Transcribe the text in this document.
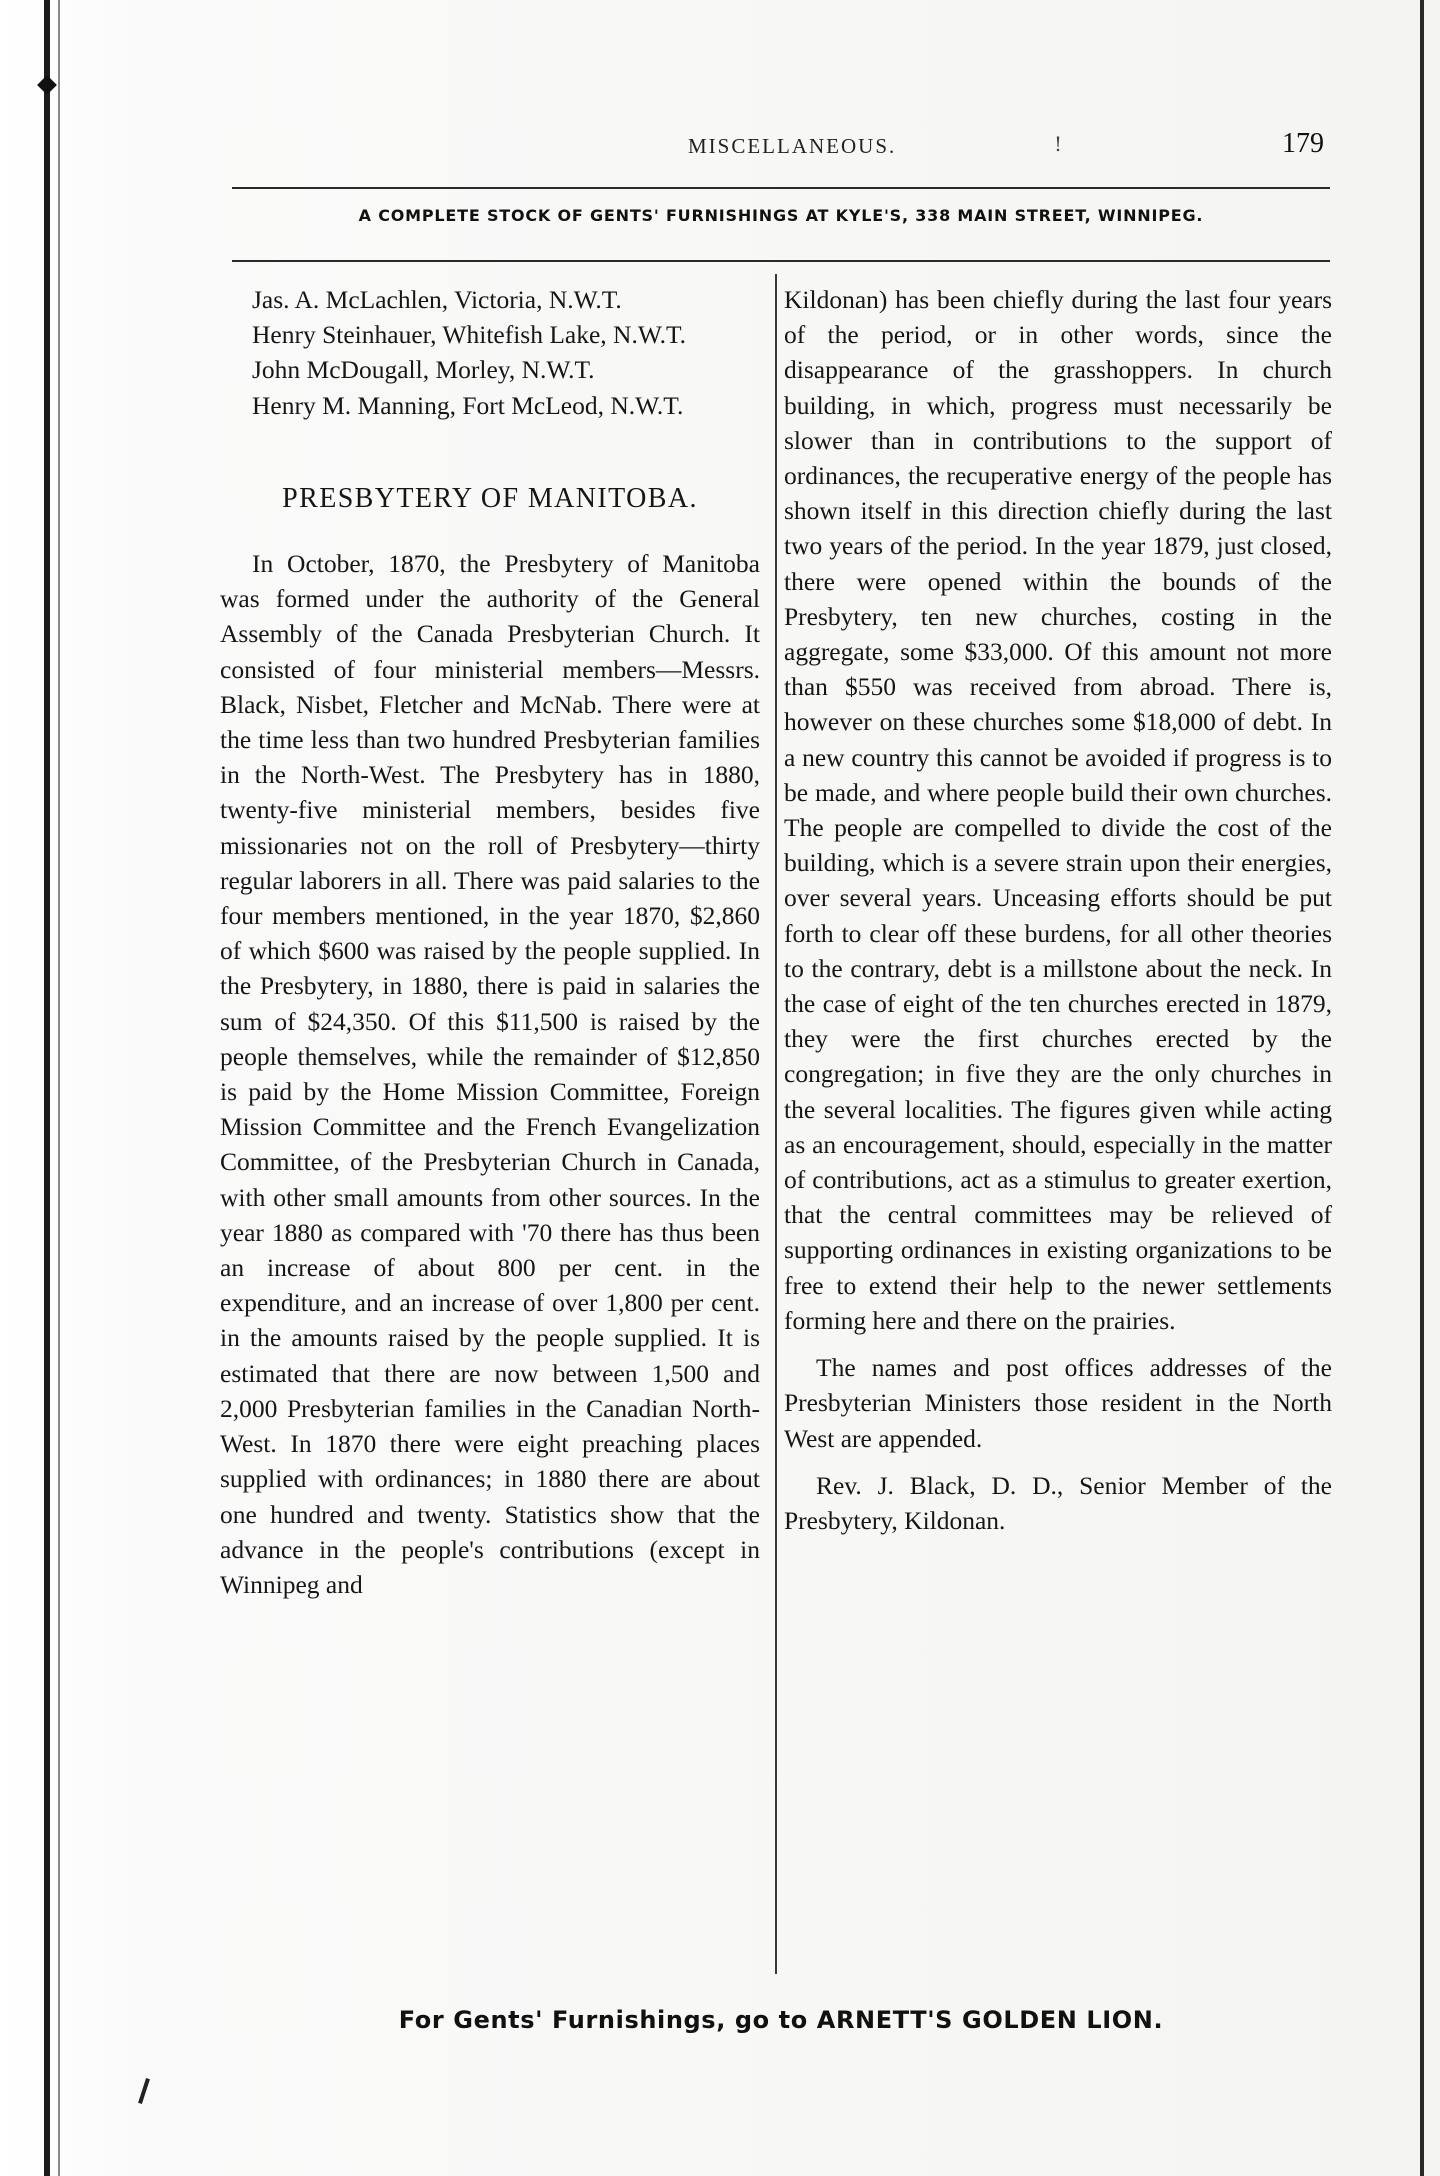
MISCELLANEOUS.	!	179
A COMPLETE STOCK OF GENTS' FURNISHINGS AT KYLE'S, 338 MAIN STREET, WINNIPEG.

Jas. A. McLachlen, Victoria, N.W.T.

Henry Steinhauer, Whitefish Lake, N.W.T.

John McDougall, Morley, N.W.T.

Henry M. Manning, Fort McLeod, N.W.T.

PRESBYTERY OF MANITOBA.

In October, 1870, the Presbytery of Manitoba was formed under the authority of the General Assembly of the Canada Presbyterian Church. It consisted of four ministerial members—Messrs. Black, Nisbet, Fletcher and McNab. There were at the time less than two hundred Presbyterian families in the North-West. The Presbytery has in 1880, twenty-five ministerial members, besides five missionaries not on the roll of Presbytery—thirty regular laborers in all. There was paid salaries to the four members mentioned, in the year 1870, $2,860 of which $600 was raised by the people supplied. In the Presbytery, in 1880, there is paid in salaries the sum of $24,350. Of this $11,500 is raised by the people themselves, while the remainder of $12,850 is paid by the Home Mission Committee, Foreign Mission Committee and the French Evangelization Committee, of the Presbyterian Church in Canada, with other small amounts from other sources. In the year 1880 as compared with '70 there has thus been an increase of about 800 per cent. in the expenditure, and an increase of over 1,800 per cent. in the amounts raised by the people supplied. It is estimated that there are now between 1,500 and 2,000 Presbyterian families in the Canadian North-West. In 1870 there were eight preaching places supplied with ordinances; in 1880 there are about one hundred and twenty. Statistics show that the advance in the people's contributions (except in Winnipeg and

Kildonan) has been chiefly during the last four years of the period, or in other words, since the disappearance of the grasshoppers. In church building, in which, progress must necessarily be slower than in contributions to the support of ordinances, the recuperative energy of the people has shown itself in this direction chiefly during the last two years of the period. In the year 1879, just closed, there were opened within the bounds of the Presbytery, ten new churches, costing in the aggregate, some $33,000. Of this amount not more than $550 was received from abroad. There is, however on these churches some $18,000 of debt. In a new country this cannot be avoided if progress is to be made, and where people build their own churches. The people are compelled to divide the cost of the building, which is a severe strain upon their energies, over several years. Unceasing efforts should be put forth to clear off these burdens, for all other theories to the contrary, debt is a millstone about the neck. In the case of eight of the ten churches erected in 1879, they were the first churches erected by the congregation; in five they are the only churches in the several localities. The figures given while acting as an encouragement, should, especially in the matter of contributions, act as a stimulus to greater exertion, that the central committees may be relieved of supporting ordinances in existing organizations to be free to extend their help to the newer settlements forming here and there on the prairies.

The names and post offices addresses of the Presbyterian Ministers those resident in the North West are appended.

Rev. J. Black, D. D., Senior Member of the Presbytery, Kildonan.

For Gents' Furnishings, go to ARNETT'S GOLDEN LION.
